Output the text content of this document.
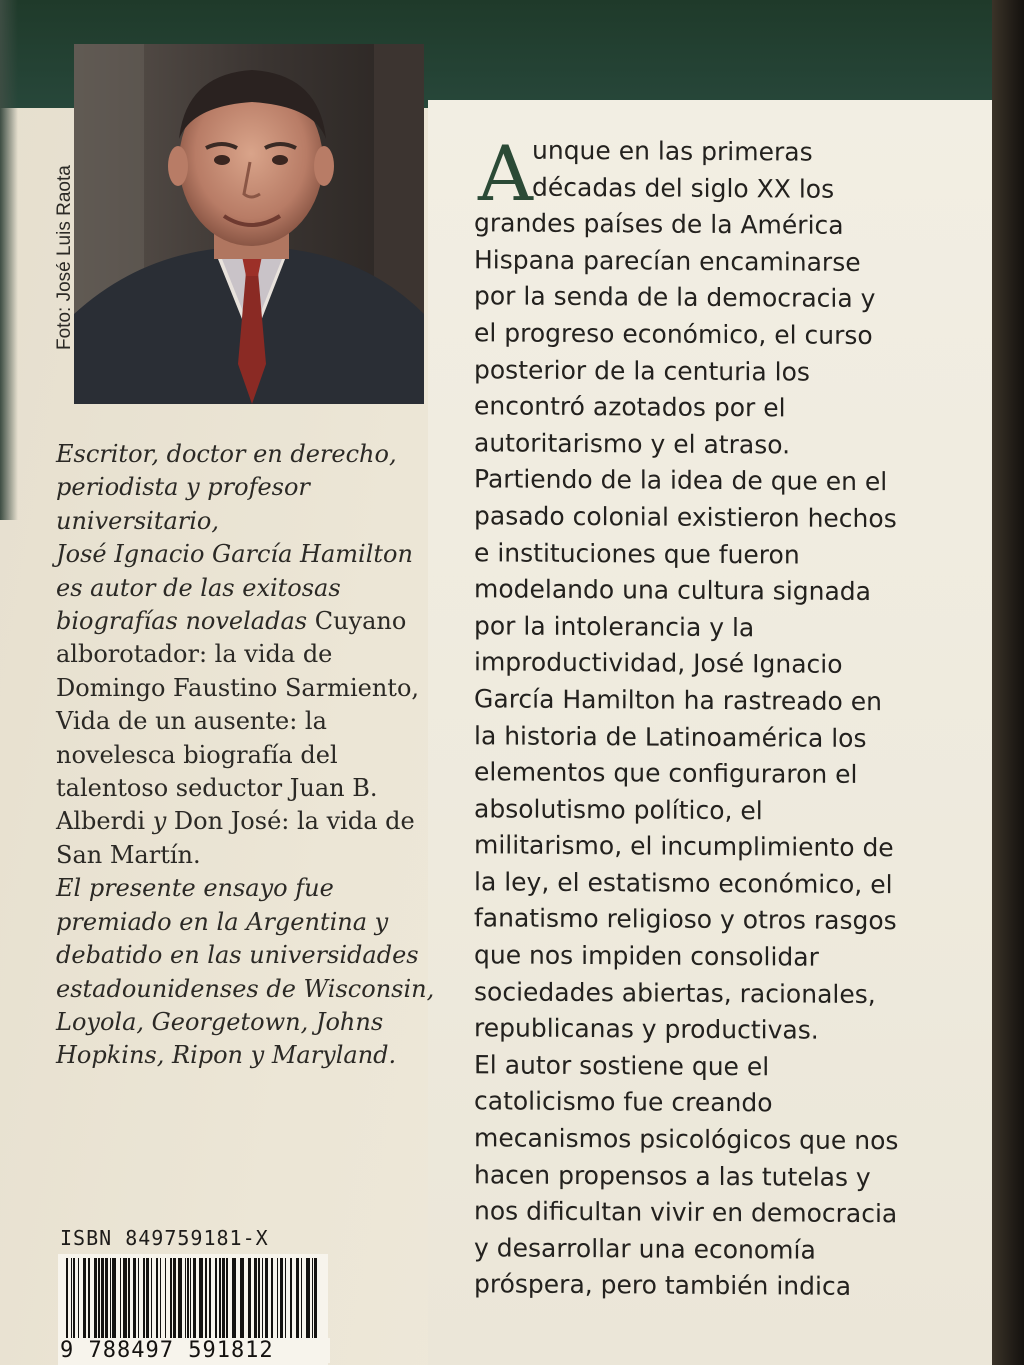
Foto: José Luis Raota
Escritor, doctor en derecho,
periodista y profesor
universitario,
José Ignacio García Hamilton
es autor de las exitosas
biografías noveladas Cuyano
alborotador: la vida de
Domingo Faustino Sarmiento,
Vida de un ausente: la
novelesca biografía del
talentoso seductor Juan B.
Alberdi y Don José: la vida de
San Martín.
El presente ensayo fue
premiado en la Argentina y
debatido en las universidades
estadounidenses de Wisconsin,
Loyola, Georgetown, Johns
Hopkins, Ripon y Maryland.
A unque en las primeras
décadas del siglo XX los
grandes países de la América
Hispana parecían encaminarse
por la senda de la democracia y
el progreso económico, el curso
posterior de la centuria los
encontró azotados por el
autoritarismo y el atraso.
Partiendo de la idea de que en el
pasado colonial existieron hechos
e instituciones que fueron
modelando una cultura signada
por la intolerancia y la
improductividad, José Ignacio
García Hamilton ha rastreado en
la historia de Latinoamérica los
elementos que configuraron el
absolutismo político, el
militarismo, el incumplimiento de
la ley, el estatismo económico, el
fanatismo religioso y otros rasgos
que nos impiden consolidar
sociedades abiertas, racionales,
republicanas y productivas.
El autor sostiene que el
catolicismo fue creando
mecanismos psicológicos que nos
hacen propensos a las tutelas y
nos dificultan vivir en democracia
y desarrollar una economía
próspera, pero también indica
ISBN 849759181-X
9 788497 591812
